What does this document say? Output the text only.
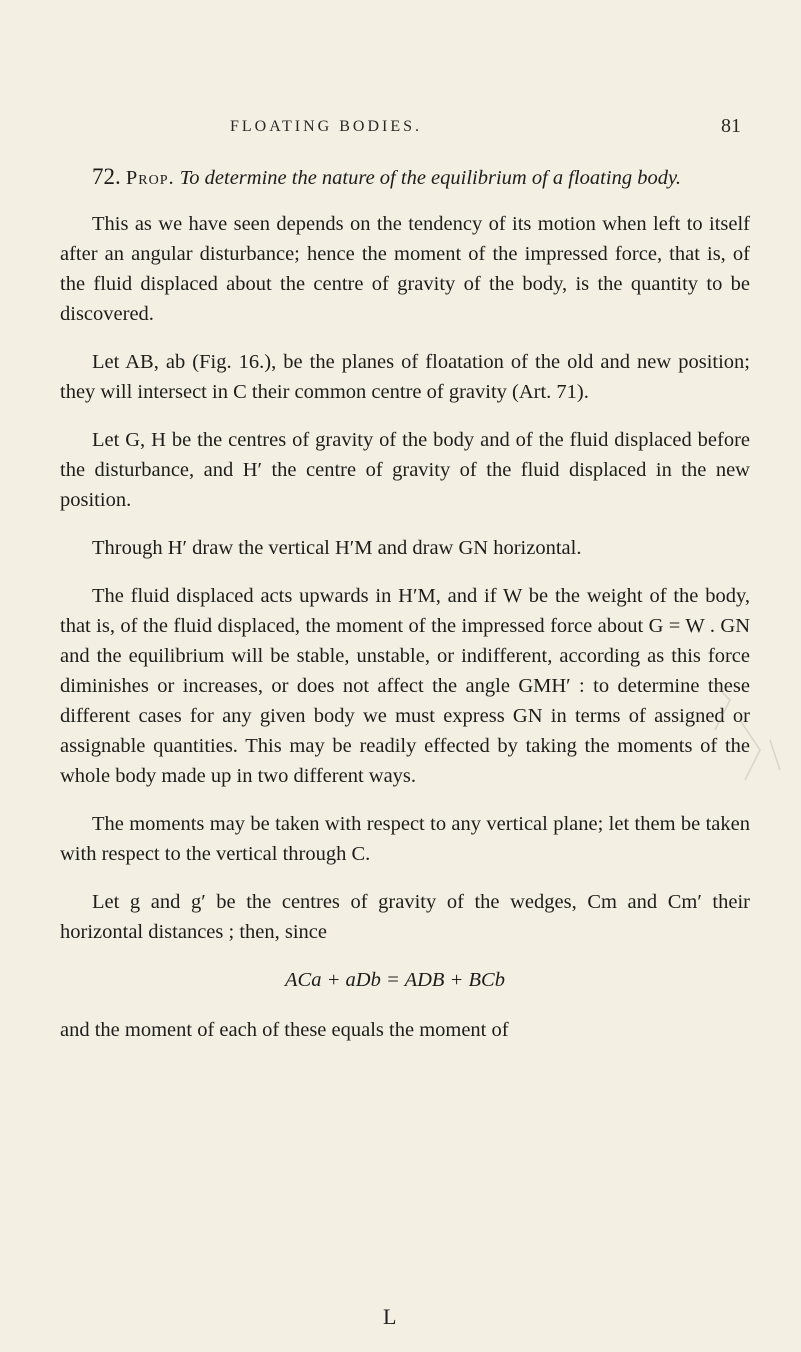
FLOATING BODIES.	81

72. Prop. To determine the nature of the equilibrium of a floating body.

This as we have seen depends on the tendency of its motion when left to itself after an angular disturbance; hence the moment of the impressed force, that is, of the fluid displaced about the centre of gravity of the body, is the quantity to be discovered.

Let AB, ab (Fig. 16.), be the planes of floatation of the old and new position; they will intersect in C their common centre of gravity (Art. 71).

Let G, H be the centres of gravity of the body and of the fluid displaced before the disturbance, and H′ the centre of gravity of the fluid displaced in the new position.

Through H′ draw the vertical H′M and draw GN horizontal.

The fluid displaced acts upwards in H′M, and if W be the weight of the body, that is, of the fluid displaced, the moment of the impressed force about G = W . GN and the equilibrium will be stable, unstable, or indifferent, according as this force diminishes or increases, or does not affect the angle GMH′ : to determine these different cases for any given body we must express GN in terms of assigned or assignable quantities. This may be readily effected by taking the moments of the whole body made up in two different ways.

The moments may be taken with respect to any vertical plane; let them be taken with respect to the vertical through C.

Let g and g′ be the centres of gravity of the wedges, Cm and Cm′ their horizontal distances ; then, since

ACa + aDb = ADB + BCb

and the moment of each of these equals the moment of

L
